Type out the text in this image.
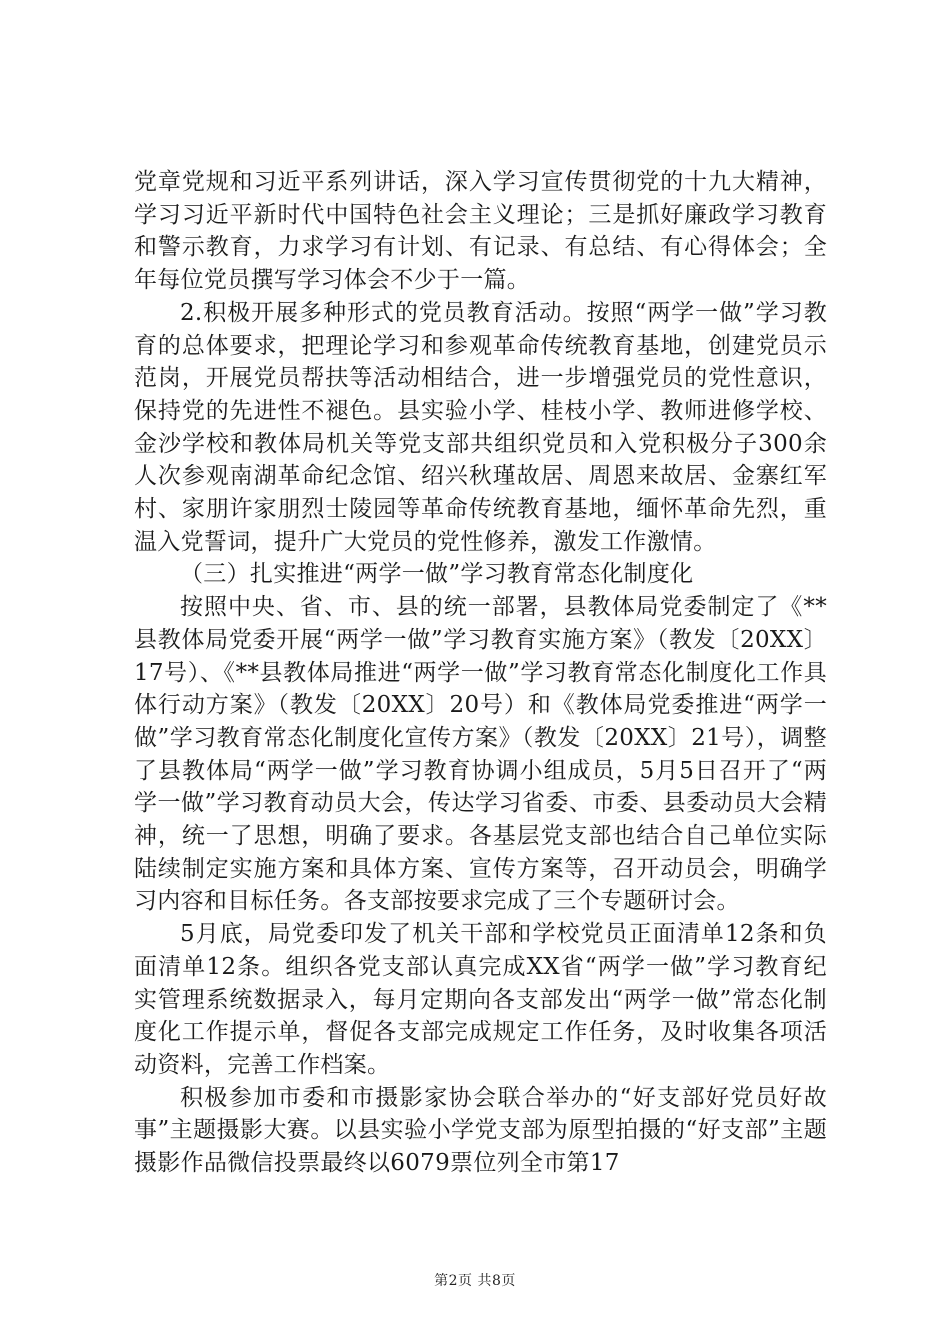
党章党规和习近平系列讲话，深入学习宣传贯彻党的十九大精神，学习习近平新时代中国特色社会主义理论；三是抓好廉政学习教育和警示教育，力求学习有计划、有记录、有总结、有心得体会；全年每位党员撰写学习体会不少于一篇。

2.积极开展多种形式的党员教育活动。按照“两学一做”学习教育的总体要求，把理论学习和参观革命传统教育基地，创建党员示范岗，开展党员帮扶等活动相结合，进一步增强党员的党性意识，保持党的先进性不褪色。县实验小学、桂枝小学、教师进修学校、金沙学校和教体局机关等党支部共组织党员和入党积极分子300余人次参观南湖革命纪念馆、绍兴秋瑾故居、周恩来故居、金寨红军村、家朋许家朋烈士陵园等革命传统教育基地，缅怀革命先烈，重温入党誓词，提升广大党员的党性修养，激发工作激情。

（三）扎实推进“两学一做”学习教育常态化制度化

按照中央、省、市、县的统一部署，县教体局党委制定了《**县教体局党委开展“两学一做”学习教育实施方案》（教发〔20XX〕17号）、《**县教体局推进“两学一做”学习教育常态化制度化工作具体行动方案》（教发〔20XX〕20号）和《教体局党委推进“两学一做”学习教育常态化制度化宣传方案》（教发〔20XX〕21号），调整了县教体局“两学一做”学习教育协调小组成员，5月5日召开了“两学一做”学习教育动员大会，传达学习省委、市委、县委动员大会精神，统一了思想，明确了要求。各基层党支部也结合自己单位实际陆续制定实施方案和具体方案、宣传方案等，召开动员会，明确学习内容和目标任务。各支部按要求完成了三个专题研讨会。

5月底，局党委印发了机关干部和学校党员正面清单12条和负面清单12条。组织各党支部认真完成XX省“两学一做”学习教育纪实管理系统数据录入，每月定期向各支部发出“两学一做”常态化制度化工作提示单，督促各支部完成规定工作任务，及时收集各项活动资料，完善工作档案。

积极参加市委和市摄影家协会联合举办的“好支部好党员好故事”主题摄影大赛。以县实验小学党支部为原型拍摄的“好支部”主题摄影作品微信投票最终以6079票位列全市第17

第2页 共8页
